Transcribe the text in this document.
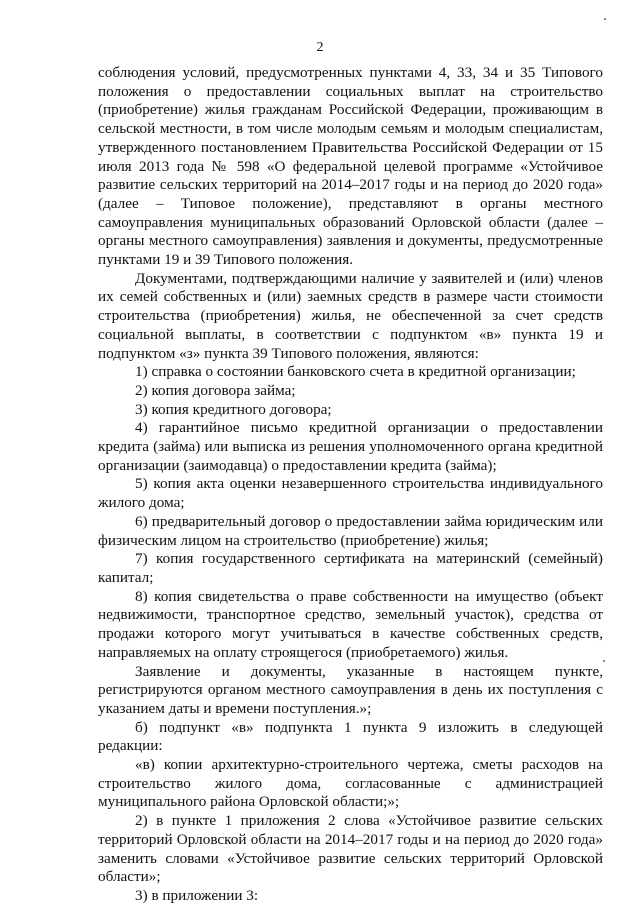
2

соблюдения условий, предусмотренных пунктами 4, 33, 34 и 35 Типового положения о предоставлении социальных выплат на строительство (приобретение) жилья гражданам Российской Федерации, проживающим в сельской местности, в том числе молодым семьям и молодым специалистам, утвержденного постановлением Правительства Российской Федерации от 15 июля 2013 года № 598 «О федеральной целевой программе «Устойчивое развитие сельских территорий на 2014–2017 годы и на период до 2020 года» (далее – Типовое положение), представляют в органы местного самоуправления муниципальных образований Орловской области (далее – органы местного самоуправления) заявления и документы, предусмотренные пунктами 19 и 39 Типового положения.

Документами, подтверждающими наличие у заявителей и (или) членов их семей собственных и (или) заемных средств в размере части стоимости строительства (приобретения) жилья, не обеспеченной за счет средств социальной выплаты, в соответствии с подпунктом «в» пункта 19 и подпунктом «з» пункта 39 Типового положения, являются:

1) справка о состоянии банковского счета в кредитной организации;

2) копия договора займа;

3) копия кредитного договора;

4) гарантийное письмо кредитной организации о предоставлении кредита (займа) или выписка из решения уполномоченного органа кредитной организации (заимодавца) о предоставлении кредита (займа);

5) копия акта оценки незавершенного строительства индивидуального жилого дома;

6) предварительный договор о предоставлении займа юридическим или физическим лицом на строительство (приобретение) жилья;

7) копия государственного сертификата на материнский (семейный) капитал;

8) копия свидетельства о праве собственности на имущество (объект недвижимости, транспортное средство, земельный участок), средства от продажи которого могут учитываться в качестве собственных средств, направляемых на оплату строящегося (приобретаемого) жилья.

Заявление и документы, указанные в настоящем пункте, регистрируются органом местного самоуправления в день их поступления с указанием даты и времени поступления.»;

б) подпункт «в» подпункта 1 пункта 9 изложить в следующей редакции:

«в) копии архитектурно-строительного чертежа, сметы расходов на строительство жилого дома, согласованные с администрацией муниципального района Орловской области;»;

2) в пункте 1 приложения 2 слова «Устойчивое развитие сельских территорий Орловской области на 2014–2017 годы и на период до 2020 года» заменить словами «Устойчивое развитие сельских территорий Орловской области»;

3) в приложении 3:
